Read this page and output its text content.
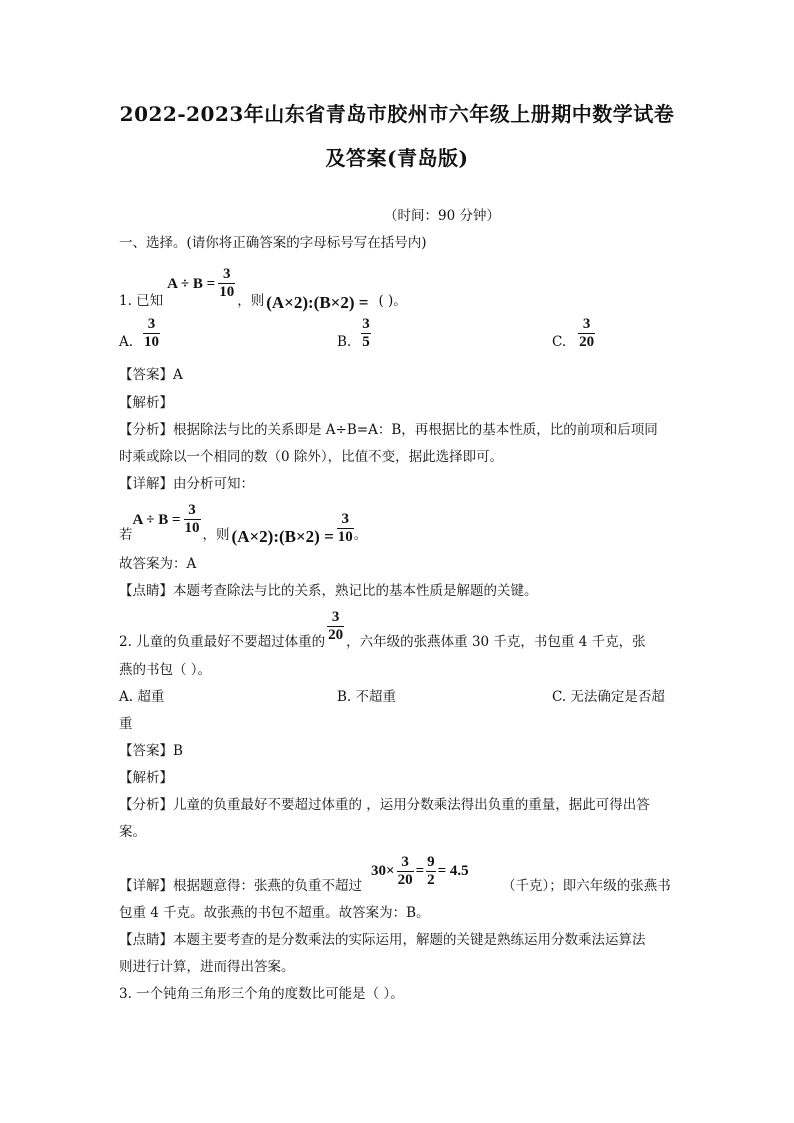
2022-2023年山东省青岛市胶州市六年级上册期中数学试卷
及答案(青岛版)
（时间：90 分钟）
一、选择。(请你将正确答案的字母标号写在括号内)
1. 已知
$A \div B = \frac{3}{10}$ ，则 (A×2):(B×2) = ( )。
A. $\frac{3}{10}$	B. $\frac{3}{5}$	C. $\frac{3}{20}$
【答案】A
【解析】
【分析】根据除法与比的关系即是 A÷B=A：B，再根据比的基本性质，比的前项和后项同
时乘或除以一个相同的数（0 除外），比值不变，据此选择即可。
【详解】由分析可知：
若
$A \div B = \frac{3}{10}$ ，则 (A×2):(B×2) = $\frac{3}{10}$ 。
故答案为：A
【点睛】本题考查除法与比的关系，熟记比的基本性质是解题的关键。
2. 儿童的负重最好不要超过体重的 $\frac{3}{20}$ ，六年级的张燕体重 30 千克，书包重 4 千克，张
燕的书包（ ）。
A. 超重	B. 不超重	C. 无法确定是否超
重
【答案】B
【解析】
【分析】儿童的负重最好不要超过体重的 ，运用分数乘法得出负重的重量，据此可得出答
案。
【详解】根据题意得：张燕的负重不超过
$30\times \frac{3}{20} = \frac{9}{2} = 4.5$
（千克）；即六年级的张燕书
包重 4 千克。故张燕的书包不超重。故答案为：B。
【点睛】本题主要考查的是分数乘法的实际运用，解题的关键是熟练运用分数乘法运算法
则进行计算，进而得出答案。
3. 一个钝角三角形三个角的度数比可能是（ ）。
